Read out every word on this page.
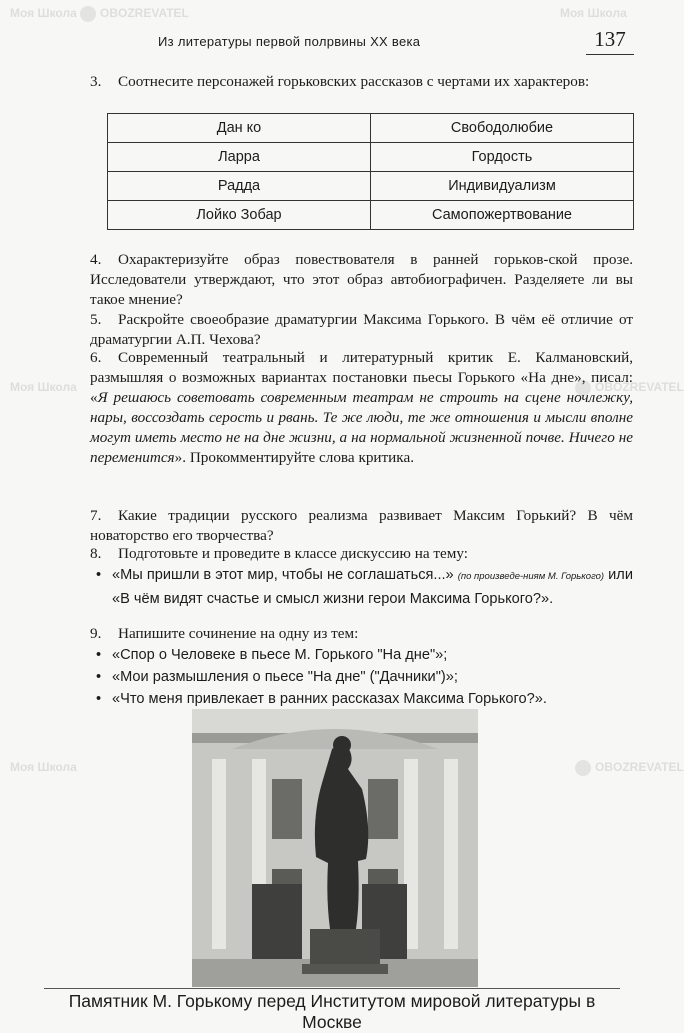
Моя Школа	OBOZREVATEL	Моя Школа
Моя Школа	OBOZREVATEL
Моя Школа	OBOZREVATEL
Из литературы первой полрвины ХХ века	137

3. Соотнесите персонажей горьковских рассказов с чертами их характеров:

Дан ко	Свободолюбие
Ларра	Гордость
Радда	Индивидуализм
Лойко Зобар	Самопожертвование

4. Охарактеризуйте образ повествователя в ранней горьков-ской прозе. Исследователи утверждают, что этот образ автобиографичен. Разделяете ли вы такое мнение?

5. Раскройте своеобразие драматургии Максима Горького. В чём её отличие от драматургии А.П. Чехова?

6. Современный театральный и литературный критик Е. Калмановский, размышляя о возможных вариантах постановки пьесы Горького «На дне», писал: «Я решаюсь советовать современным театрам не строить на сцене ночлежку, нары, воссоздать серость и рвань. Те же люди, те же отношения и мысли вполне могут иметь место не на дне жизни, а на нормальной жизненной почве. Ничего не переменится». Прокомментируйте слова критика.

7. Какие традиции русского реализма развивает Максим Горький? В чём новаторство его творчества?

8. Подготовьте и проведите в классе дискуссию на тему:

• «Мы пришли в этот мир, чтобы не соглашаться...» (по произведе-ниям М. Горького) или «В чём видят счастье и смысл жизни герои Максима Горького?».

9. Напишите сочинение на одну из тем:

• «Спор о Человеке в пьесе М. Горького "На дне"»;
• «Мои размышления о пьесе "На дне" ("Дачники")»;
• «Что меня привлекает в ранних рассказах Максима Горького?».
Памятник М. Горькому перед Институтом мировой литературы в Москве
